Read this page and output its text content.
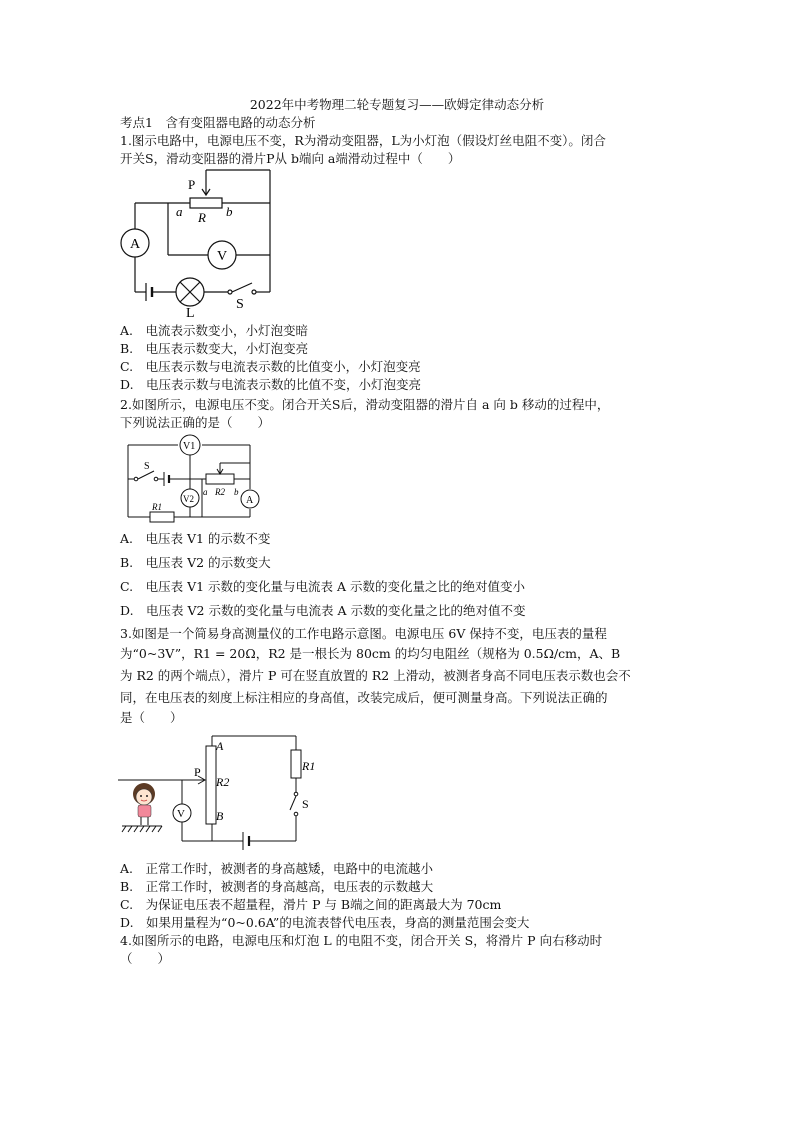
2022年中考物理二轮专题复习——欧姆定律动态分析
考点1　含有变阻器电路的动态分析
1.图示电路中，电源电压不变，R为滑动变阻器，L为小灯泡（假设灯丝电阻不变）。闭合
开关S，滑动变阻器的滑片P从 b端向 a端滑动过程中（　　）
P
a R b
A
V
L
S
A.　电流表示数变小，小灯泡变暗
B.　电压表示数变大，小灯泡变亮
C.　电压表示数与电流表示数的比值变小，小灯泡变亮
D.　电压表示数与电流表示数的比值不变，小灯泡变亮
2.如图所示，电源电压不变。闭合开关S后，滑动变阻器的滑片自 a 向 b 移动的过程中，
下列说法正确的是（　　）
V1
S
a R2 b
V2	A
R1
A.　电压表 V1 的示数不变
B.　电压表 V2 的示数变大
C.　电压表 V1 示数的变化量与电流表 A 示数的变化量之比的绝对值变小
D.　电压表 V2 示数的变化量与电流表 A 示数的变化量之比的绝对值不变
3.如图是一个简易身高测量仪的工作电路示意图。电源电压 6V 保持不变，电压表的量程
为“0~3V”，R1 = 20Ω，R2 是一根长为 80cm 的均匀电阻丝（规格为 0.5Ω/cm，A、B
为 R2 的两个端点），滑片 P 可在竖直放置的 R2 上滑动，被测者身高不同电压表示数也会不
同，在电压表的刻度上标注相应的身高值，改装完成后，便可测量身高。下列说法正确的
是（　　）
A
P
R2
B
V
R1
S
A.　正常工作时，被测者的身高越矮，电路中的电流越小
B.　正常工作时，被测者的身高越高，电压表的示数越大
C.　为保证电压表不超量程，滑片 P 与 B端之间的距离最大为 70cm
D.　如果用量程为“0~0.6A”的电流表替代电压表，身高的测量范围会变大
4.如图所示的电路，电源电压和灯泡 L 的电阻不变，闭合开关 S，将滑片 P 向右移动时
（　　）
